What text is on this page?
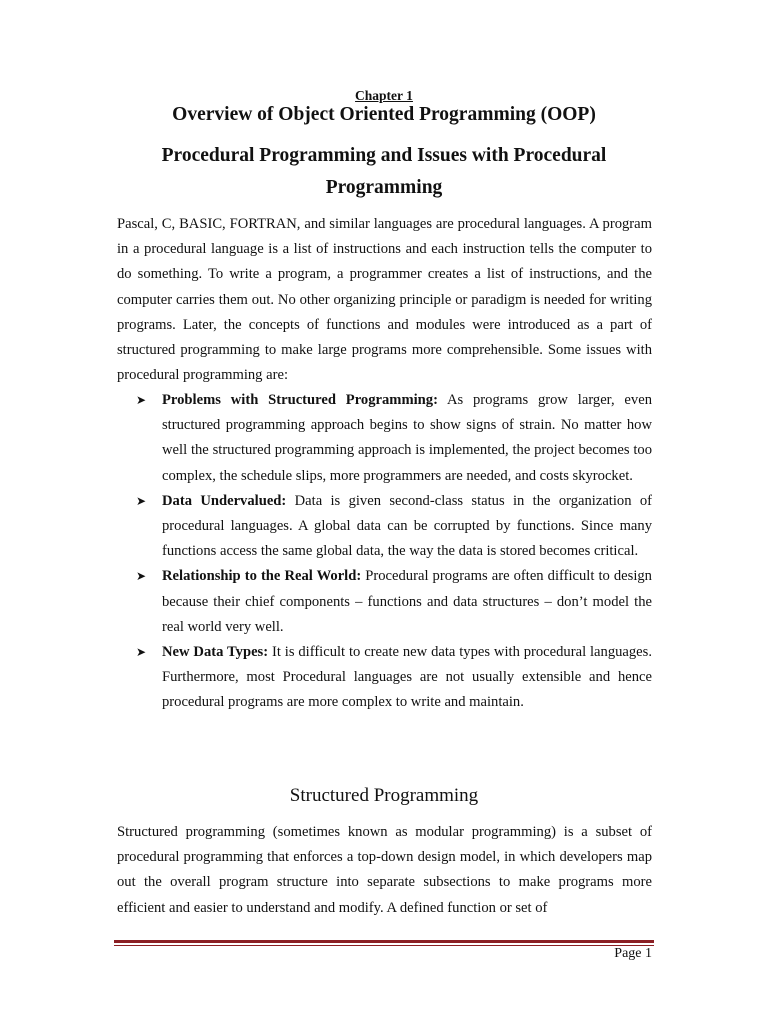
Chapter 1
Overview of Object Oriented Programming (OOP)
Procedural Programming and Issues with Procedural Programming

Pascal, C, BASIC, FORTRAN, and similar languages are procedural languages. A program in a procedural language is a list of instructions and each instruction tells the computer to do something. To write a program, a programmer creates a list of instructions, and the computer carries them out. No other organizing principle or paradigm is needed for writing programs. Later, the concepts of functions and modules were introduced as a part of structured programming to make large programs more comprehensible. Some issues with procedural programming are:

➤ Problems with Structured Programming: As programs grow larger, even structured programming approach begins to show signs of strain. No matter how well the structured programming approach is implemented, the project becomes too complex, the schedule slips, more programmers are needed, and costs skyrocket.
➤ Data Undervalued: Data is given second-class status in the organization of procedural languages. A global data can be corrupted by functions. Since many functions access the same global data, the way the data is stored becomes critical.
➤ Relationship to the Real World: Procedural programs are often difficult to design because their chief components – functions and data structures – don’t model the real world very well.
➤ New Data Types: It is difficult to create new data types with procedural languages. Furthermore, most Procedural languages are not usually extensible and hence procedural programs are more complex to write and maintain.
Structured Programming

Structured programming (sometimes known as modular programming) is a subset of procedural programming that enforces a top-down design model, in which developers map out the overall program structure into separate subsections to make programs more efficient and easier to understand and modify. A defined function or set of

Page 1
